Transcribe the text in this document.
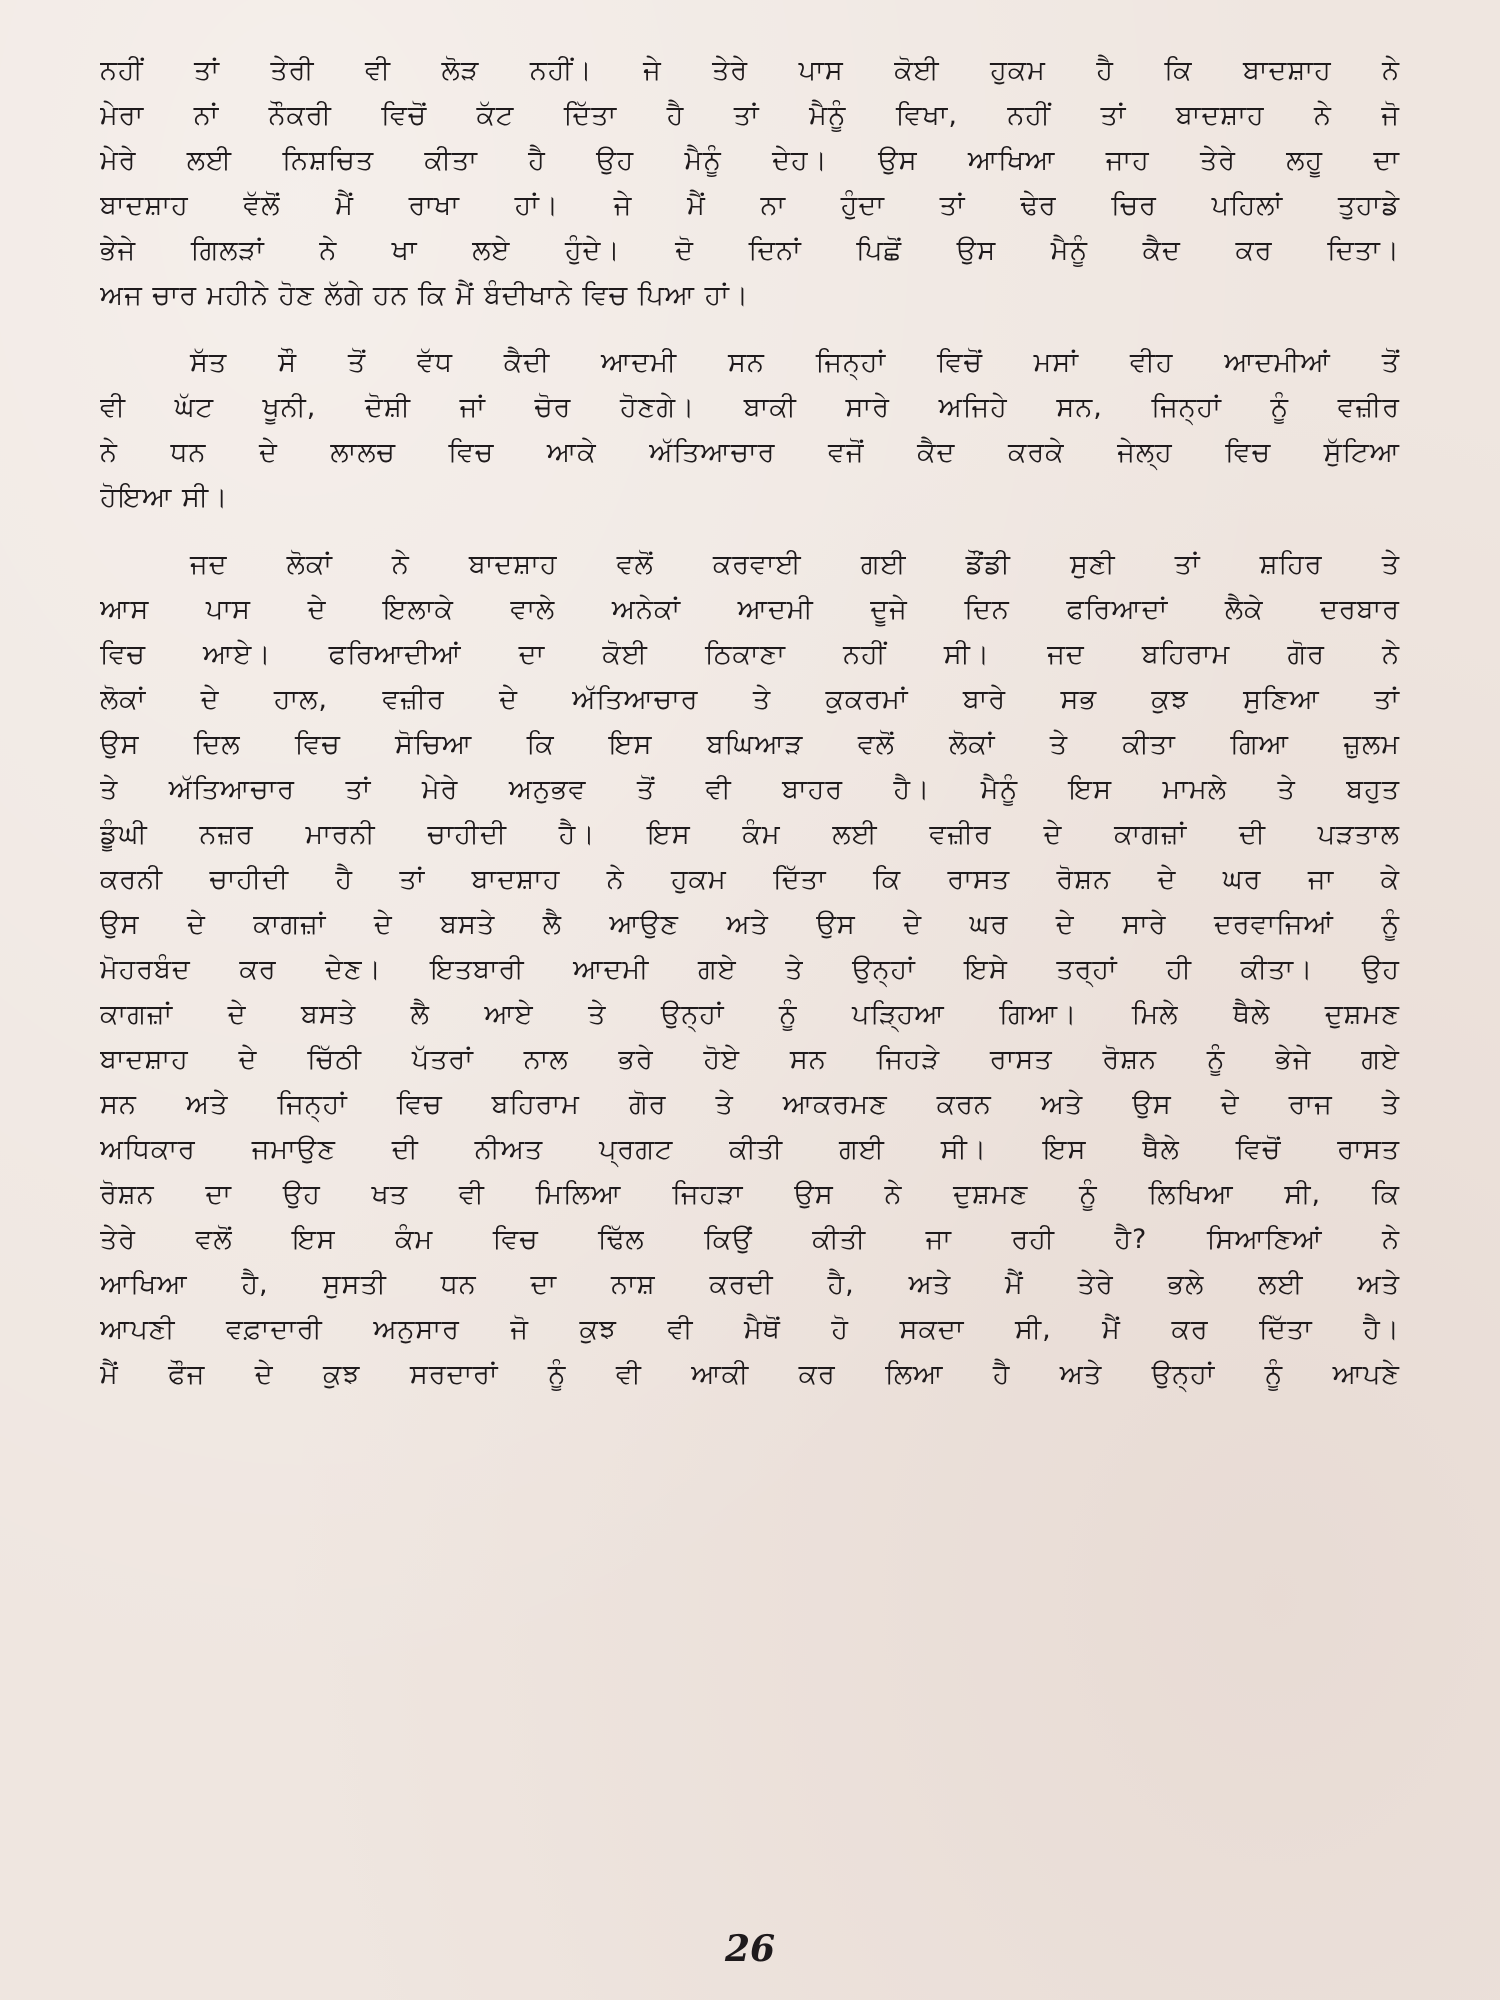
ਨਹੀਂ ਤਾਂ ਤੇਰੀ ਵੀ ਲੋੜ ਨਹੀਂ। ਜੇ ਤੇਰੇ ਪਾਸ ਕੋਈ ਹੁਕਮ ਹੈ ਕਿ ਬਾਦਸ਼ਾਹ ਨੇ
ਮੇਰਾ ਨਾਂ ਨੌਕਰੀ ਵਿਚੋਂ ਕੱਟ ਦਿੱਤਾ ਹੈ ਤਾਂ ਮੈਨੂੰ ਵਿਖਾ, ਨਹੀਂ ਤਾਂ ਬਾਦਸ਼ਾਹ ਨੇ ਜੋ
ਮੇਰੇ ਲਈ ਨਿਸ਼ਚਿਤ ਕੀਤਾ ਹੈ ਉਹ ਮੈਨੂੰ ਦੇਹ। ਉਸ ਆਖਿਆ ਜਾਹ ਤੇਰੇ ਲਹੂ ਦਾ
ਬਾਦਸ਼ਾਹ ਵੱਲੋਂ ਮੈਂ ਰਾਖਾ ਹਾਂ। ਜੇ ਮੈਂ ਨਾ ਹੁੰਦਾ ਤਾਂ ਢੇਰ ਚਿਰ ਪਹਿਲਾਂ ਤੁਹਾਡੇ
ਭੇਜੇ ਗਿਲੜਾਂ ਨੇ ਖਾ ਲਏ ਹੁੰਦੇ। ਦੋ ਦਿਨਾਂ ਪਿਛੋਂ ਉਸ ਮੈਨੂੰ ਕੈਦ ਕਰ ਦਿਤਾ।
ਅਜ ਚਾਰ ਮਹੀਨੇ ਹੋਣ ਲੱਗੇ ਹਨ ਕਿ ਮੈਂ ਬੰਦੀਖਾਨੇ ਵਿਚ ਪਿਆ ਹਾਂ।
ਸੱਤ ਸੌ ਤੋਂ ਵੱਧ ਕੈਦੀ ਆਦਮੀ ਸਨ ਜਿਨ੍ਹਾਂ ਵਿਚੋਂ ਮਸਾਂ ਵੀਹ ਆਦਮੀਆਂ ਤੋਂ
ਵੀ ਘੱਟ ਖੂਨੀ, ਦੋਸ਼ੀ ਜਾਂ ਚੋਰ ਹੋਣਗੇ। ਬਾਕੀ ਸਾਰੇ ਅਜਿਹੇ ਸਨ, ਜਿਨ੍ਹਾਂ ਨੂੰ ਵਜ਼ੀਰ
ਨੇ ਧਨ ਦੇ ਲਾਲਚ ਵਿਚ ਆਕੇ ਅੱਤਿਆਚਾਰ ਵਜੋਂ ਕੈਦ ਕਰਕੇ ਜੇਲ੍ਹ ਵਿਚ ਸੁੱਟਿਆ
ਹੋਇਆ ਸੀ।
ਜਦ ਲੋਕਾਂ ਨੇ ਬਾਦਸ਼ਾਹ ਵਲੋਂ ਕਰਵਾਈ ਗਈ ਡੌਂਡੀ ਸੁਣੀ ਤਾਂ ਸ਼ਹਿਰ ਤੇ
ਆਸ ਪਾਸ ਦੇ ਇਲਾਕੇ ਵਾਲੇ ਅਨੇਕਾਂ ਆਦਮੀ ਦੂਜੇ ਦਿਨ ਫਰਿਆਦਾਂ ਲੈਕੇ ਦਰਬਾਰ
ਵਿਚ ਆਏ। ਫਰਿਆਦੀਆਂ ਦਾ ਕੋਈ ਠਿਕਾਣਾ ਨਹੀਂ ਸੀ। ਜਦ ਬਹਿਰਾਮ ਗੋਰ ਨੇ
ਲੋਕਾਂ ਦੇ ਹਾਲ, ਵਜ਼ੀਰ ਦੇ ਅੱਤਿਆਚਾਰ ਤੇ ਕੁਕਰਮਾਂ ਬਾਰੇ ਸਭ ਕੁਝ ਸੁਣਿਆ ਤਾਂ
ਉਸ ਦਿਲ ਵਿਚ ਸੋਚਿਆ ਕਿ ਇਸ ਬਘਿਆੜ ਵਲੋਂ ਲੋਕਾਂ ਤੇ ਕੀਤਾ ਗਿਆ ਜ਼ੁਲਮ
ਤੇ ਅੱਤਿਆਚਾਰ ਤਾਂ ਮੇਰੇ ਅਨੁਭਵ ਤੋਂ ਵੀ ਬਾਹਰ ਹੈ। ਮੈਨੂੰ ਇਸ ਮਾਮਲੇ ਤੇ ਬਹੁਤ
ਡੂੰਘੀ ਨਜ਼ਰ ਮਾਰਨੀ ਚਾਹੀਦੀ ਹੈ। ਇਸ ਕੰਮ ਲਈ ਵਜ਼ੀਰ ਦੇ ਕਾਗਜ਼ਾਂ ਦੀ ਪੜਤਾਲ
ਕਰਨੀ ਚਾਹੀਦੀ ਹੈ ਤਾਂ ਬਾਦਸ਼ਾਹ ਨੇ ਹੁਕਮ ਦਿੱਤਾ ਕਿ ਰਾਸਤ ਰੋਸ਼ਨ ਦੇ ਘਰ ਜਾ ਕੇ
ਉਸ ਦੇ ਕਾਗਜ਼ਾਂ ਦੇ ਬਸਤੇ ਲੈ ਆਉਣ ਅਤੇ ਉਸ ਦੇ ਘਰ ਦੇ ਸਾਰੇ ਦਰਵਾਜਿਆਂ ਨੂੰ
ਮੋਹਰਬੰਦ ਕਰ ਦੇਣ। ਇਤਬਾਰੀ ਆਦਮੀ ਗਏ ਤੇ ਉਨ੍ਹਾਂ ਇਸੇ ਤਰ੍ਹਾਂ ਹੀ ਕੀਤਾ। ਉਹ
ਕਾਗਜ਼ਾਂ ਦੇ ਬਸਤੇ ਲੈ ਆਏ ਤੇ ਉਨ੍ਹਾਂ ਨੂੰ ਪੜ੍ਹਿਆ ਗਿਆ। ਮਿਲੇ ਥੈਲੇ ਦੁਸ਼ਮਣ
ਬਾਦਸ਼ਾਹ ਦੇ ਚਿੱਠੀ ਪੱਤਰਾਂ ਨਾਲ ਭਰੇ ਹੋਏ ਸਨ ਜਿਹੜੇ ਰਾਸਤ ਰੋਸ਼ਨ ਨੂੰ ਭੇਜੇ ਗਏ
ਸਨ ਅਤੇ ਜਿਨ੍ਹਾਂ ਵਿਚ ਬਹਿਰਾਮ ਗੋਰ ਤੇ ਆਕਰਮਣ ਕਰਨ ਅਤੇ ਉਸ ਦੇ ਰਾਜ ਤੇ
ਅਧਿਕਾਰ ਜਮਾਉਣ ਦੀ ਨੀਅਤ ਪ੍ਰਗਟ ਕੀਤੀ ਗਈ ਸੀ। ਇਸ ਥੈਲੇ ਵਿਚੋਂ ਰਾਸਤ
ਰੋਸ਼ਨ ਦਾ ਉਹ ਖਤ ਵੀ ਮਿਲਿਆ ਜਿਹੜਾ ਉਸ ਨੇ ਦੁਸ਼ਮਣ ਨੂੰ ਲਿਖਿਆ ਸੀ, ਕਿ
ਤੇਰੇ ਵਲੋਂ ਇਸ ਕੰਮ ਵਿਚ ਢਿੱਲ ਕਿਉਂ ਕੀਤੀ ਜਾ ਰਹੀ ਹੈ? ਸਿਆਣਿਆਂ ਨੇ
ਆਖਿਆ ਹੈ, ਸੁਸਤੀ ਧਨ ਦਾ ਨਾਸ਼ ਕਰਦੀ ਹੈ, ਅਤੇ ਮੈਂ ਤੇਰੇ ਭਲੇ ਲਈ ਅਤੇ
ਆਪਣੀ ਵਫ਼ਾਦਾਰੀ ਅਨੁਸਾਰ ਜੋ ਕੁਝ ਵੀ ਮੈਥੋਂ ਹੋ ਸਕਦਾ ਸੀ, ਮੈਂ ਕਰ ਦਿੱਤਾ ਹੈ।
ਮੈਂ ਫੌਜ ਦੇ ਕੁਝ ਸਰਦਾਰਾਂ ਨੂੰ ਵੀ ਆਕੀ ਕਰ ਲਿਆ ਹੈ ਅਤੇ ਉਨ੍ਹਾਂ ਨੂੰ ਆਪਣੇ
26
